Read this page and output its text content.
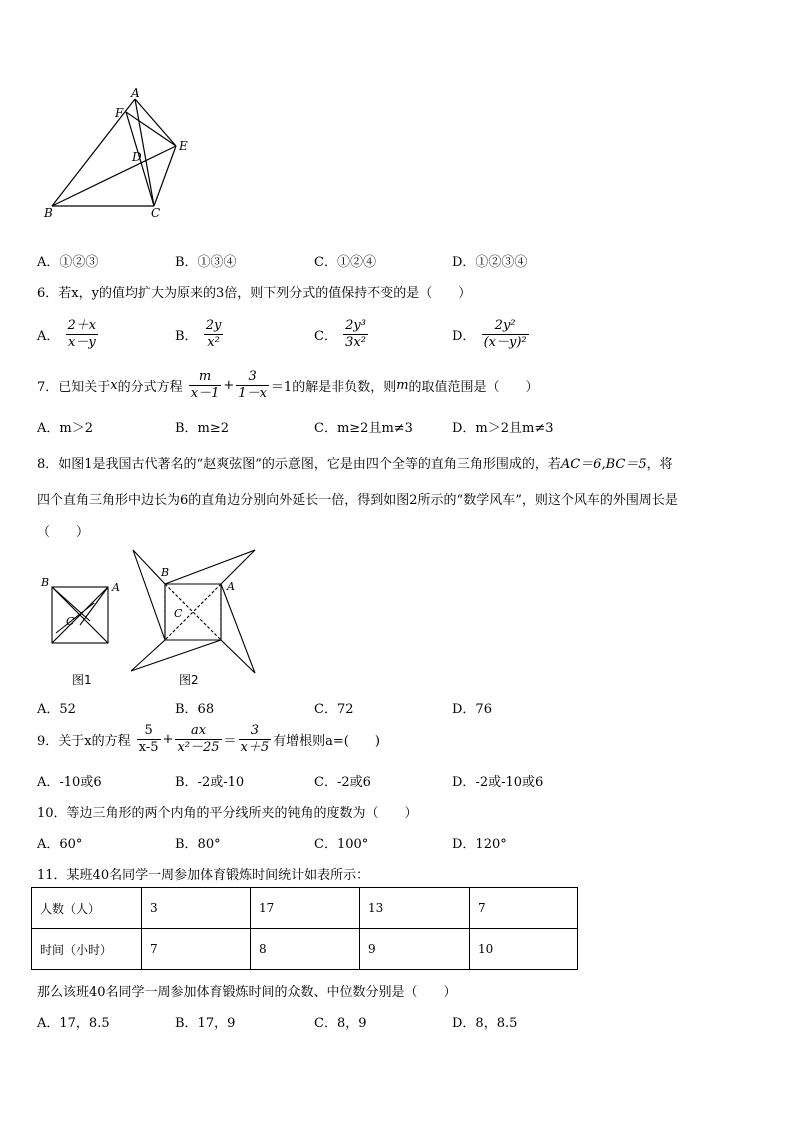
A
F
D
E
B	C
A．①②③	B．①③④	C．①②④	D．①②③④
6．若x，y的值均扩大为原来的3倍，则下列分式的值保持不变的是（　　）
A． $\frac{2+x}{x-y}$	B． $\frac{2y}{\text{x²}}$	C． $\frac{\text{2y³}}{\text{3x²}}$	D． $\frac{\text{2y²}}{\text{(x－y)²}}$
7．已知关于x的分式方程 $\frac{m}{x-1} + \frac{3}{1-x} =1$的解是非负数，则m的取值范围是（　　）
A．m＞2	B．m≥2	C．m≥2且m≠3	D．m＞2且m≠3
8．如图1是我国古代著名的“赵爽弦图”的示意图，它是由四个全等的直角三角形围成的，若AC＝6,BC＝5，将
四个直角三角形中边长为6的直角边分别向外延长一倍，得到如图2所示的“数学风车”，则这个风车的外围周长是
（　　）
B	A
C
图1
B
A
C
图2
A．52	B．68	C．72	D．76
9．关于x的方程 $\frac{5}{x-5} + \frac{ax}{\text{x²－25}} = \frac{3}{x+5}$ 有增根则a=(　　)
A．-10或6	B．-2或-10	C．-2或6	D．-2或-10或6
10．等边三角形的两个内角的平分线所夹的钝角的度数为（　　）
A．60°	B．80°	C．100°	D．120°
11．某班40名同学一周参加体育锻炼时间统计如表所示：
人数（人）	3	17	13	7
时间（小时）	7	8	9	10
那么该班40名同学一周参加体育锻炼时间的众数、中位数分别是（　　）
A．17，8.5	B．17，9	C．8，9	D．8，8.5
